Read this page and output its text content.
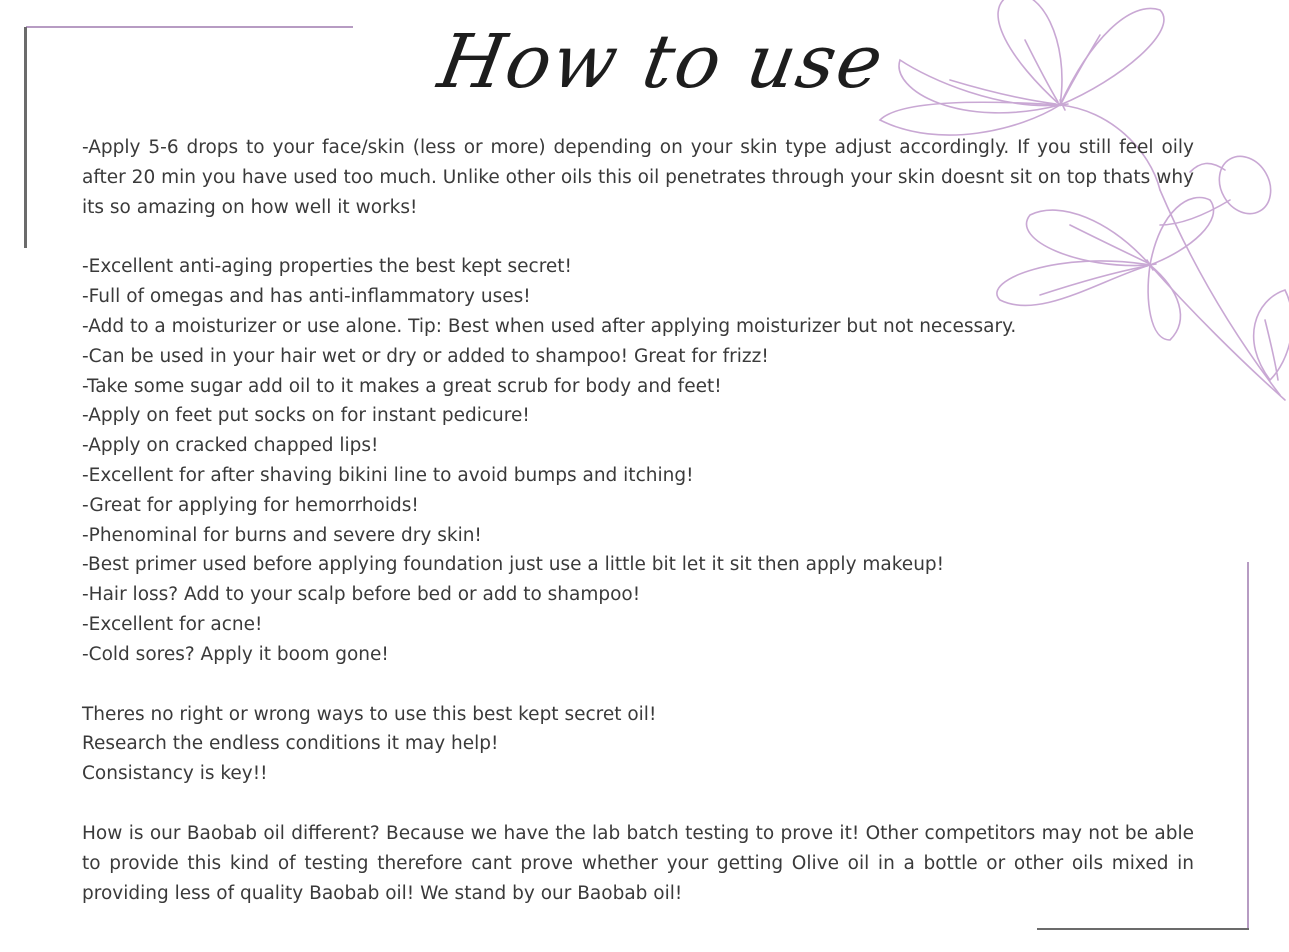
How to use

-Apply 5-6 drops to your face/skin (less or more) depending on your skin type adjust accordingly. If you still feel oily after 20 min you have used too much. Unlike other oils this oil penetrates through your skin doesnt sit on top thats why its so amazing on how well it works!

-Excellent anti-aging properties the best kept secret!

-Full of omegas and has anti-inflammatory uses!

-Add to a moisturizer or use alone. Tip: Best when used after applying moisturizer but not necessary.

-Can be used in your hair wet or dry or added to shampoo! Great for frizz!

-Take some sugar add oil to it makes a great scrub for body and feet!

-Apply on feet put socks on for instant pedicure!

-Apply on cracked chapped lips!

-Excellent for after shaving bikini line to avoid bumps and itching!

-Great for applying for hemorrhoids!

-Phenominal for burns and severe dry skin!

-Best primer used before applying foundation just use a little bit let it sit then apply makeup!

-Hair loss? Add to your scalp before bed or add to shampoo!

-Excellent for acne!

-Cold sores? Apply it boom gone!

Theres no right or wrong ways to use this best kept secret oil!

Research the endless conditions it may help!

Consistancy is key!!

How is our Baobab oil different? Because we have the lab batch testing to prove it! Other competitors may not be able to provide this kind of testing therefore cant prove whether your getting Olive oil in a bottle or other oils mixed in providing less of quality Baobab oil! We stand by our Baobab oil!
